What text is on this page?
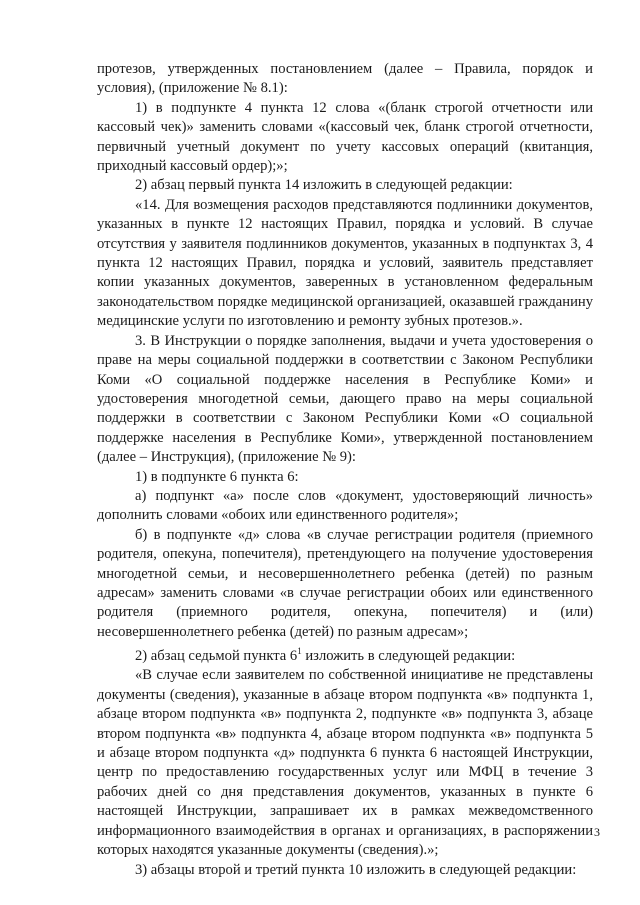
протезов, утвержденных постановлением (далее – Правила, порядок и условия), (приложение № 8.1):

1) в подпункте 4 пункта 12 слова «(бланк строгой отчетности или кассовый чек)» заменить словами «(кассовый чек, бланк строгой отчетности, первичный учетный документ по учету кассовых операций (квитанция, приходный кассовый ордер);»;

2) абзац первый пункта 14 изложить в следующей редакции:

«14. Для возмещения расходов представляются подлинники документов, указанных в пункте 12 настоящих Правил, порядка и условий. В случае отсутствия у заявителя подлинников документов, указанных в подпунктах 3, 4 пункта 12 настоящих Правил, порядка и условий, заявитель представляет копии указанных документов, заверенных в установленном федеральным законодательством порядке медицинской организацией, оказавшей гражданину медицинские услуги по изготовлению и ремонту зубных протезов.».

3. В Инструкции о порядке заполнения, выдачи и учета удостоверения о праве на меры социальной поддержки в соответствии с Законом Республики Коми «О социальной поддержке населения в Республике Коми» и удостоверения многодетной семьи, дающего право на меры социальной поддержки в соответствии с Законом Республики Коми «О социальной поддержке населения в Республике Коми», утвержденной постановлением (далее – Инструкция), (приложение № 9):

1) в подпункте 6 пункта 6:

а) подпункт «а» после слов «документ, удостоверяющий личность» дополнить словами «обоих или единственного родителя»;

б) в подпункте «д» слова «в случае регистрации родителя (приемного родителя, опекуна, попечителя), претендующего на получение удостоверения многодетной семьи, и несовершеннолетнего ребенка (детей) по разным адресам» заменить словами «в случае регистрации обоих или единственного родителя (приемного родителя, опекуна, попечителя) и (или) несовершеннолетнего ребенка (детей) по разным адресам»;

2) абзац седьмой пункта $6^1$ изложить в следующей редакции:

«В случае если заявителем по собственной инициативе не представлены документы (сведения), указанные в абзаце втором подпункта «в» подпункта 1, абзаце втором подпункта «в» подпункта 2, подпункте «в» подпункта 3, абзаце втором подпункта «в» подпункта 4, абзаце втором подпункта «в» подпункта 5 и абзаце втором подпункта «д» подпункта 6 пункта 6 настоящей Инструкции, центр по предоставлению государственных услуг или МФЦ в течение 3 рабочих дней со дня представления документов, указанных в пункте 6 настоящей Инструкции, запрашивает их в рамках межведомственного информационного взаимодействия в органах и организациях, в распоряжении которых находятся указанные документы (сведения).»;

3) абзацы второй и третий пункта 10 изложить в следующей редакции:

3
